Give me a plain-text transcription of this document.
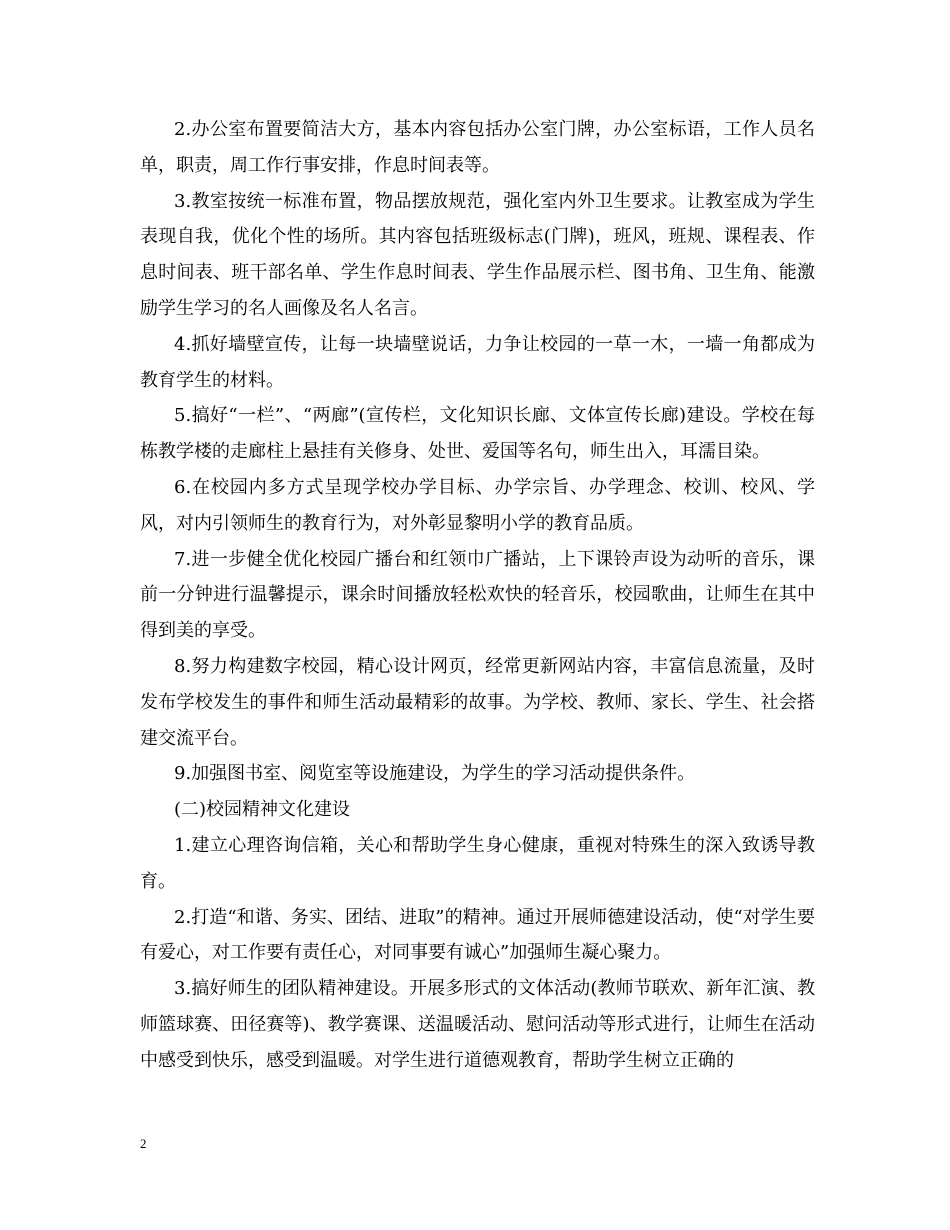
2.办公室布置要简洁大方，基本内容包括办公室门牌，办公室标语，工作人员名单，职责，周工作行事安排，作息时间表等。

3.教室按统一标准布置，物品摆放规范，强化室内外卫生要求。让教室成为学生表现自我，优化个性的场所。其内容包括班级标志(门牌)，班风，班规、课程表、作息时间表、班干部名单、学生作息时间表、学生作品展示栏、图书角、卫生角、能激励学生学习的名人画像及名人名言。

4.抓好墙壁宣传，让每一块墙壁说话，力争让校园的一草一木，一墙一角都成为教育学生的材料。

5.搞好“一栏”、“两廊”(宣传栏，文化知识长廊、文体宣传长廊)建设。学校在每栋教学楼的走廊柱上悬挂有关修身、处世、爱国等名句，师生出入，耳濡目染。

6.在校园内多方式呈现学校办学目标、办学宗旨、办学理念、校训、校风、学风，对内引领师生的教育行为，对外彰显黎明小学的教育品质。

7.进一步健全优化校园广播台和红领巾广播站，上下课铃声设为动听的音乐，课前一分钟进行温馨提示，课余时间播放轻松欢快的轻音乐，校园歌曲，让师生在其中得到美的享受。

8.努力构建数字校园，精心设计网页，经常更新网站内容，丰富信息流量，及时发布学校发生的事件和师生活动最精彩的故事。为学校、教师、家长、学生、社会搭建交流平台。

9.加强图书室、阅览室等设施建设，为学生的学习活动提供条件。

(二)校园精神文化建设

1.建立心理咨询信箱，关心和帮助学生身心健康，重视对特殊生的深入致诱导教育。

2.打造“和谐、务实、团结、进取”的精神。通过开展师德建设活动，使“对学生要有爱心，对工作要有责任心，对同事要有诚心”加强师生凝心聚力。

3.搞好师生的团队精神建设。开展多形式的文体活动(教师节联欢、新年汇演、教师篮球赛、田径赛等)、教学赛课、送温暖活动、慰问活动等形式进行，让师生在活动中感受到快乐，感受到温暖。对学生进行道德观教育，帮助学生树立正确的

2
